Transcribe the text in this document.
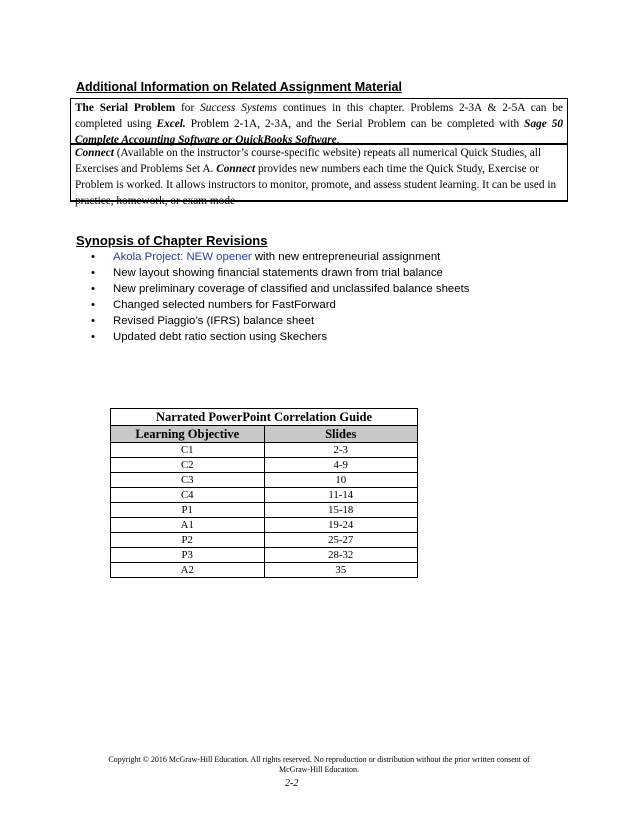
Additional Information on Related Assignment Material
The Serial Problem for Success Systems continues in this chapter. Problems 2-3A & 2-5A can be completed using Excel. Problem 2-1A, 2-3A, and the Serial Problem can be completed with Sage 50 Complete Accounting Software or QuickBooks Software.
Connect (Available on the instructor’s course-specific website) repeats all numerical Quick Studies, all Exercises and Problems Set A. Connect provides new numbers each time the Quick Study, Exercise or Problem is worked. It allows instructors to monitor, promote, and assess student learning. It can be used in practice, homework, or exam mode
Synopsis of Chapter Revisions
• Akola Project: NEW opener with new entrepreneurial assignment
• New layout showing financial statements drawn from trial balance
• New preliminary coverage of classified and unclassifed balance sheets
• Changed selected numbers for FastForward
• Revised Piaggio’s (IFRS) balance sheet
• Updated debt ratio section using Skechers
Narrated PowerPoint Correlation Guide	
Learning Objective	Slides
C1	2-3
C2	4-9
C3	10
C4	11-14
P1	15-18
A1	19-24
P2	25-27
P3	28-32
A2	35
Copyright © 2016 McGraw-Hill Education. All rights reserved. No reproduction or distribution without the prior written consent of
McGraw-Hill Education.
2-2
